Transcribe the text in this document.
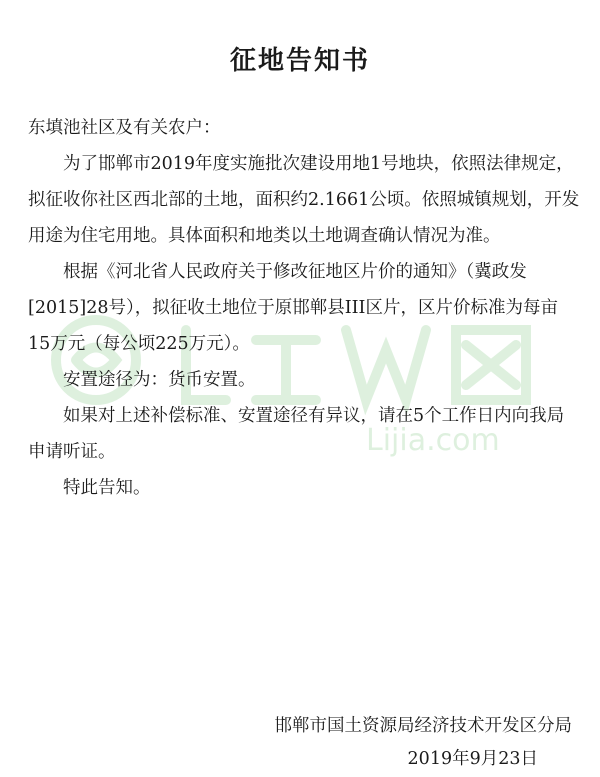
Lijia.com
征地告知书

东填池社区及有关农户：

为了邯郸市2019年度实施批次建设用地1号地块，依照法律规定，拟征收你社区西北部的土地，面积约2.1661公顷。依照城镇规划，开发用途为住宅用地。具体面积和地类以土地调查确认情况为准。

根据《河北省人民政府关于修改征地区片价的通知》（冀政发[2015]28号），拟征收土地位于原邯郸县III区片，区片价标准为每亩15万元（每公顷225万元）。

安置途径为：货币安置。

如果对上述补偿标准、安置途径有异议，请在5个工作日内向我局申请听证。

特此告知。

邯郸市国土资源局经济技术开发区分局
2019年9月23日
